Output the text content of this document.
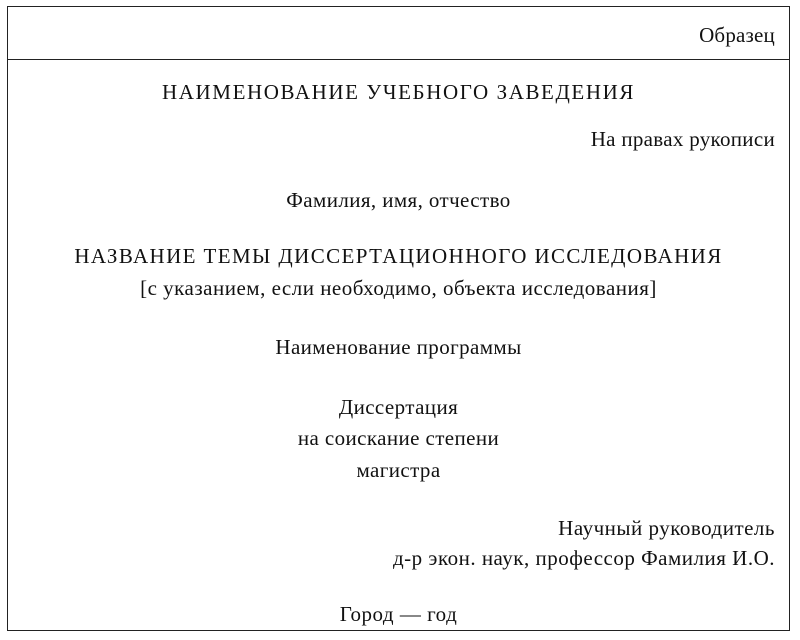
Образец
НАИМЕНОВАНИЕ УЧЕБНОГО ЗАВЕДЕНИЯ
На правах рукописи
Фамилия, имя, отчество
НАЗВАНИЕ ТЕМЫ ДИССЕРТАЦИОННОГО ИССЛЕДОВАНИЯ
[с указанием, если необходимо, объекта исследования]
Наименование программы
Диссертация
на соискание степени
магистра
Научный руководитель
д-р экон. наук, профессор Фамилия И.О.
Город — год
